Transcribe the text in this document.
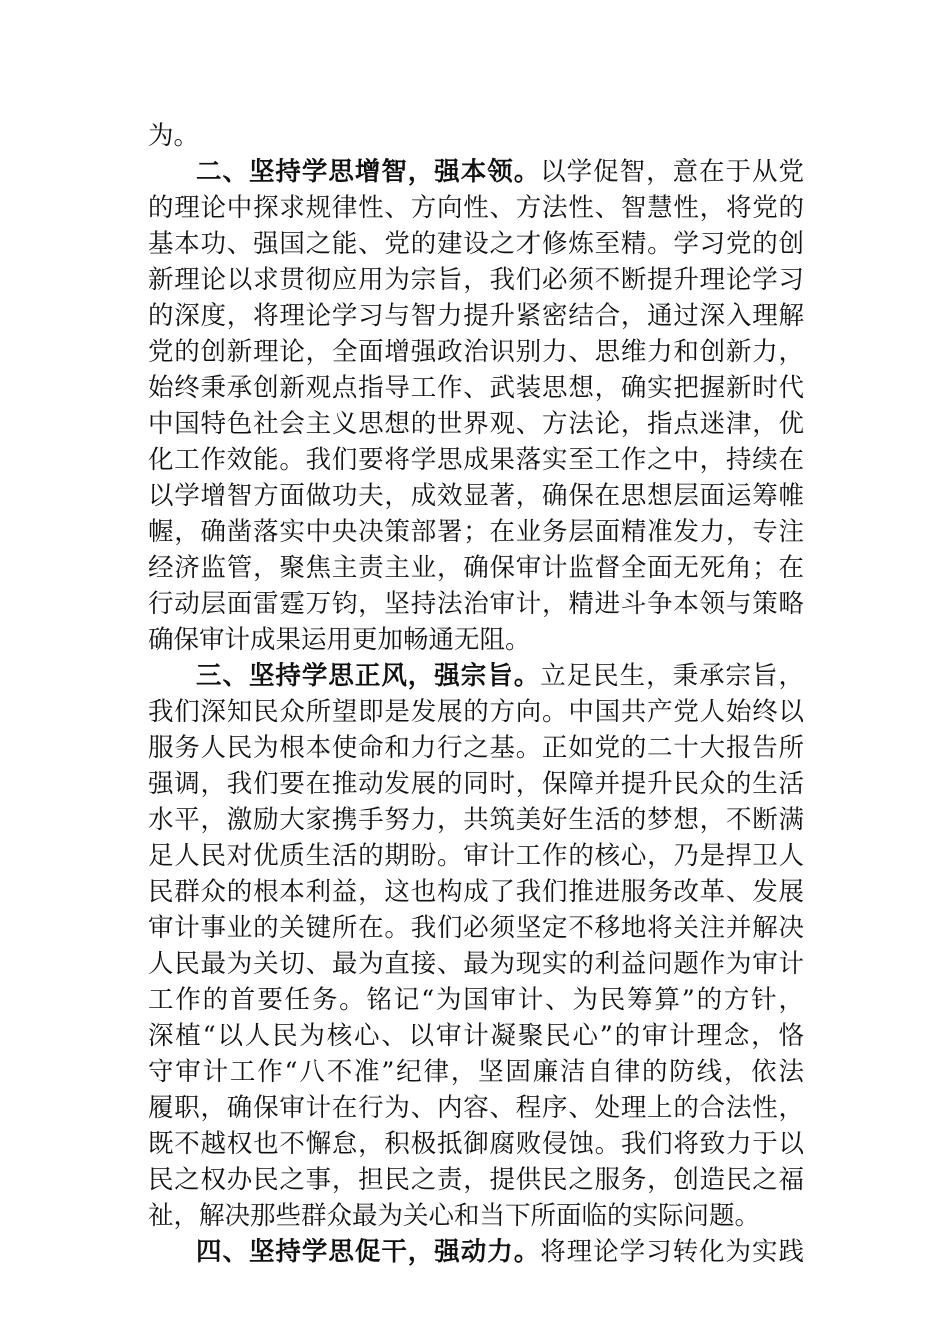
为。
二、坚持学思增智，强本领。以学促智，意在于从党
的理论中探求规律性、方向性、方法性、智慧性，将党的
基本功、强国之能、党的建设之才修炼至精。学习党的创
新理论以求贯彻应用为宗旨，我们必须不断提升理论学习
的深度，将理论学习与智力提升紧密结合，通过深入理解
党的创新理论，全面增强政治识别力、思维力和创新力，
始终秉承创新观点指导工作、武装思想，确实把握新时代
中国特色社会主义思想的世界观、方法论，指点迷津，优
化工作效能。我们要将学思成果落实至工作之中，持续在
以学增智方面做功夫，成效显著，确保在思想层面运筹帷
幄，确凿落实中央决策部署；在业务层面精准发力，专注
经济监管，聚焦主责主业，确保审计监督全面无死角；在
行动层面雷霆万钧，坚持法治审计，精进斗争本领与策略
确保审计成果运用更加畅通无阻。
三、坚持学思正风，强宗旨。立足民生，秉承宗旨，
我们深知民众所望即是发展的方向。中国共产党人始终以
服务人民为根本使命和力行之基。正如党的二十大报告所
强调，我们要在推动发展的同时，保障并提升民众的生活
水平，激励大家携手努力，共筑美好生活的梦想，不断满
足人民对优质生活的期盼。审计工作的核心，乃是捍卫人
民群众的根本利益，这也构成了我们推进服务改革、发展
审计事业的关键所在。我们必须坚定不移地将关注并解决
人民最为关切、最为直接、最为现实的利益问题作为审计
工作的首要任务。铭记“为国审计、为民筹算”的方针，
深植“以人民为核心、以审计凝聚民心”的审计理念，恪
守审计工作“八不准”纪律，坚固廉洁自律的防线，依法
履职，确保审计在行为、内容、程序、处理上的合法性，
既不越权也不懈怠，积极抵御腐败侵蚀。我们将致力于以
民之权办民之事，担民之责，提供民之服务，创造民之福
祉，解决那些群众最为关心和当下所面临的实际问题。
四、坚持学思促干，强动力。将理论学习转化为实践
